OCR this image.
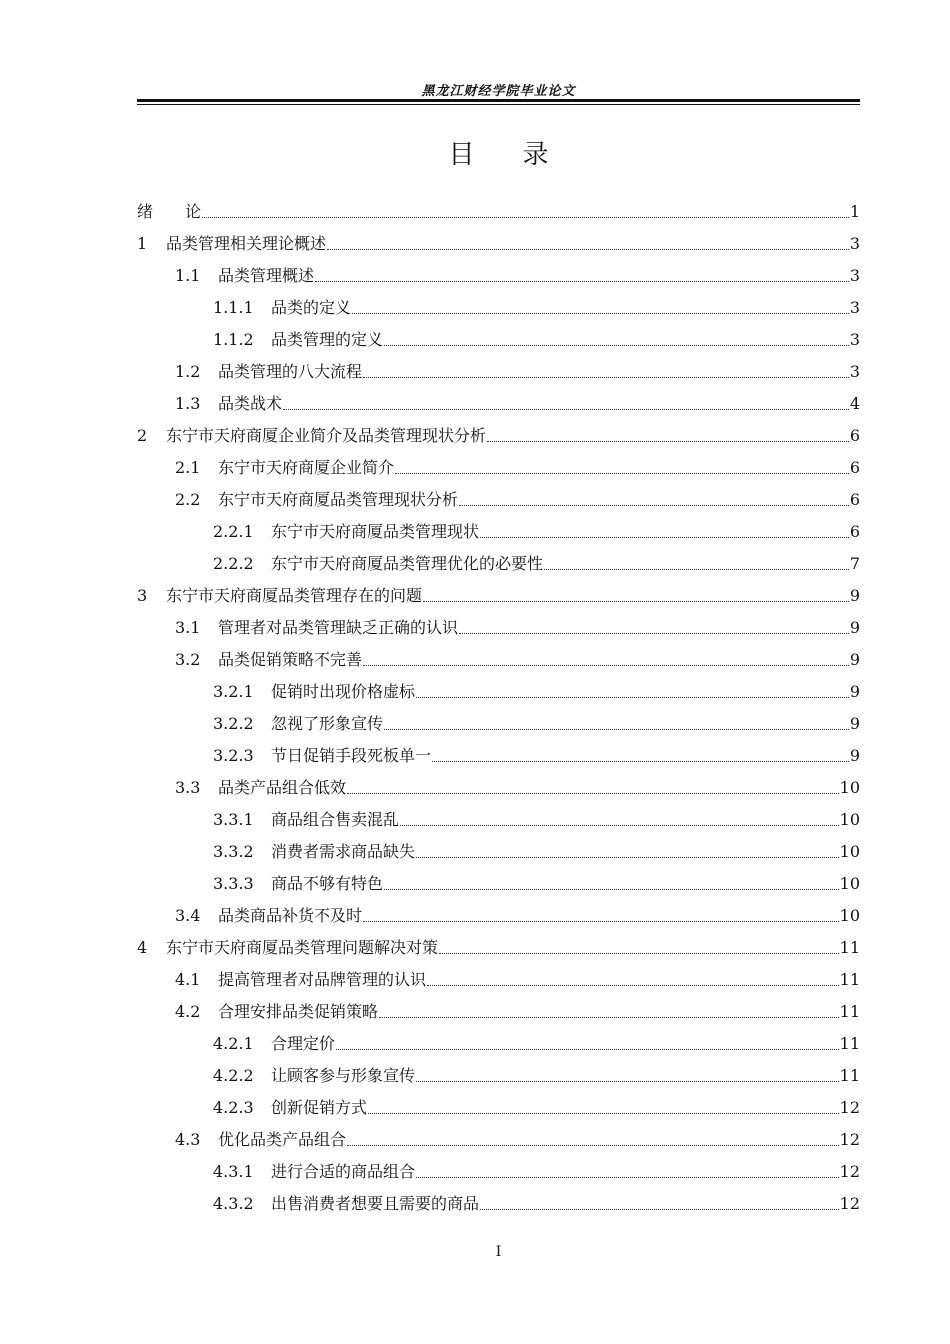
黑龙江财经学院毕业论文
目录
绪　　论	1
1	品类管理相关理论概述	3
1.1	品类管理概述	3
1.1.1	品类的定义	3
1.1.2	品类管理的定义	3
1.2	品类管理的八大流程	3
1.3	品类战术	4
2	东宁市天府商厦企业简介及品类管理现状分析	6
2.1	东宁市天府商厦企业简介	6
2.2	东宁市天府商厦品类管理现状分析	6
2.2.1	东宁市天府商厦品类管理现状	6
2.2.2	东宁市天府商厦品类管理优化的必要性	7
3	东宁市天府商厦品类管理存在的问题	9
3.1	管理者对品类管理缺乏正确的认识	9
3.2	品类促销策略不完善	9
3.2.1	促销时出现价格虚标	9
3.2.2	忽视了形象宣传	9
3.2.3	节日促销手段死板单一	9
3.3	品类产品组合低效	10
3.3.1	商品组合售卖混乱	10
3.3.2	消费者需求商品缺失	10
3.3.3	商品不够有特色	10
3.4	品类商品补货不及时	10
4	东宁市天府商厦品类管理问题解决对策	11
4.1	提高管理者对品牌管理的认识	11
4.2	合理安排品类促销策略	11
4.2.1	合理定价	11
4.2.2	让顾客参与形象宣传	11
4.2.3	创新促销方式	12
4.3	优化品类产品组合	12
4.3.1	进行合适的商品组合	12
4.3.2	出售消费者想要且需要的商品	12
I
